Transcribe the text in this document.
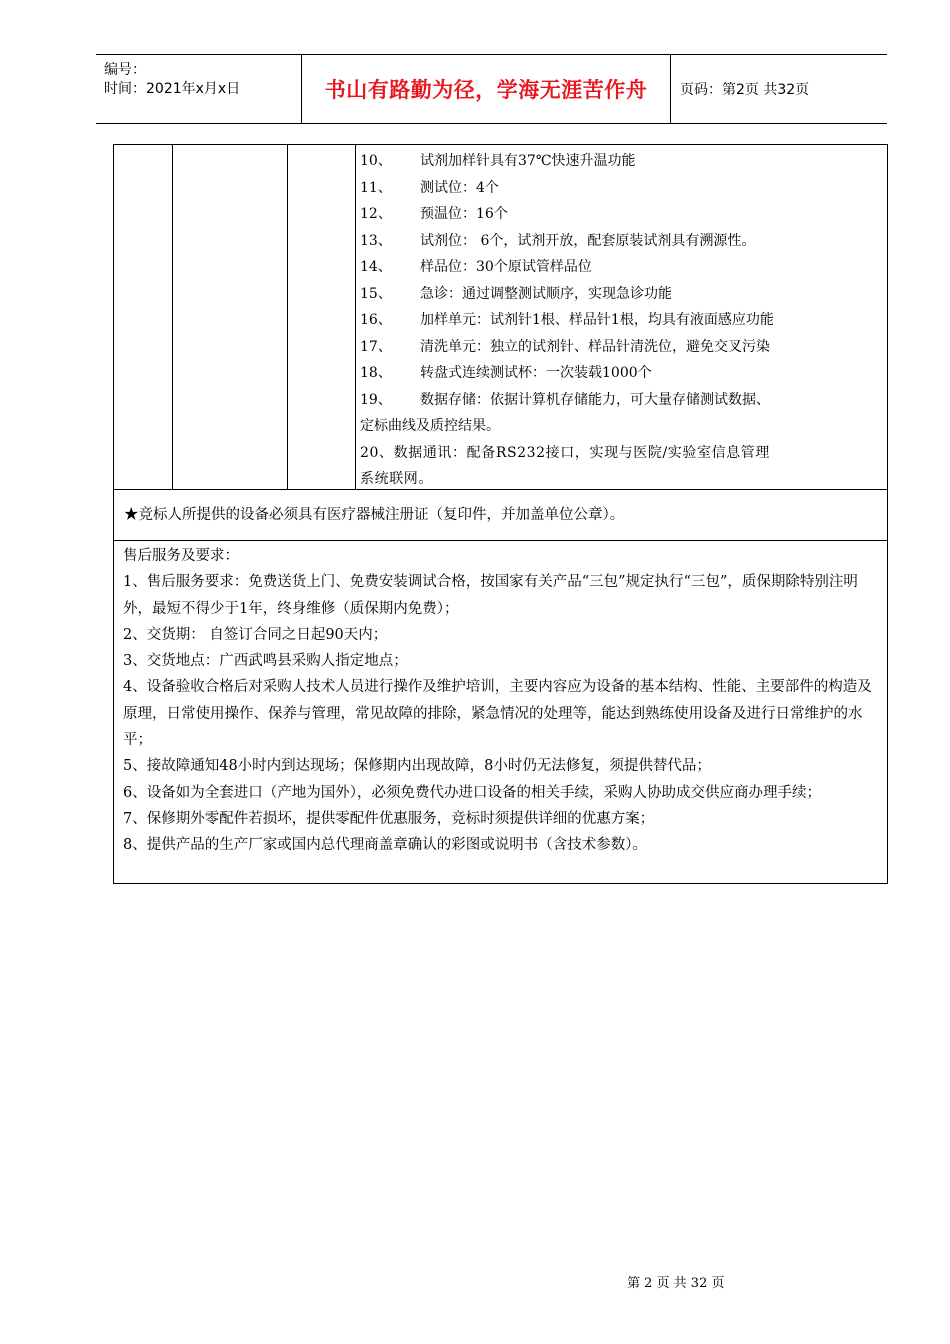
编号：
时间：2021年x月x日	书山有路勤为径，学海无涯苦作舟	页码：第2页 共32页
10、 试剂加样针具有37℃快速升温功能
11、 测试位：4个
12、 预温位：16个
13、 试剂位： 6个，试剂开放，配套原装试剂具有溯源性。
14、 样品位：30个原试管样品位
15、 急诊：通过调整测试顺序，实现急诊功能
16、 加样单元：试剂针1根、样品针1根，均具有液面感应功能
17、 清洗单元：独立的试剂针、样品针清洗位，避免交叉污染
18、 转盘式连续测试杯：一次装载1000个
19、 数据存储：依据计算机存储能力，可大量存储测试数据、定标曲线及质控结果。
20、数据通讯：配备RS232接口，实现与医院/实验室信息管理系统联网。
★竞标人所提供的设备必须具有医疗器械注册证（复印件，并加盖单位公章）。

售后服务及要求：

1、售后服务要求：免费送货上门、免费安装调试合格，按国家有关产品“三包”规定执行“三包”，质保期除特别注明外，最短不得少于1年，终身维修（质保期内免费）；

2、交货期： 自签订合同之日起90天内；

3、交货地点：广西武鸣县采购人指定地点；

4、设备验收合格后对采购人技术人员进行操作及维护培训，主要内容应为设备的基本结构、性能、主要部件的构造及原理，日常使用操作、保养与管理，常见故障的排除，紧急情况的处理等，能达到熟练使用设备及进行日常维护的水平；

5、接故障通知48小时内到达现场；保修期内出现故障，8小时仍无法修复，须提供替代品；

6、设备如为全套进口（产地为国外），必须免费代办进口设备的相关手续，采购人协助成交供应商办理手续；

7、保修期外零配件若损坏，提供零配件优惠服务，竞标时须提供详细的优惠方案；

8、提供产品的生产厂家或国内总代理商盖章确认的彩图或说明书（含技术参数）。

第 2 页 共 32 页
